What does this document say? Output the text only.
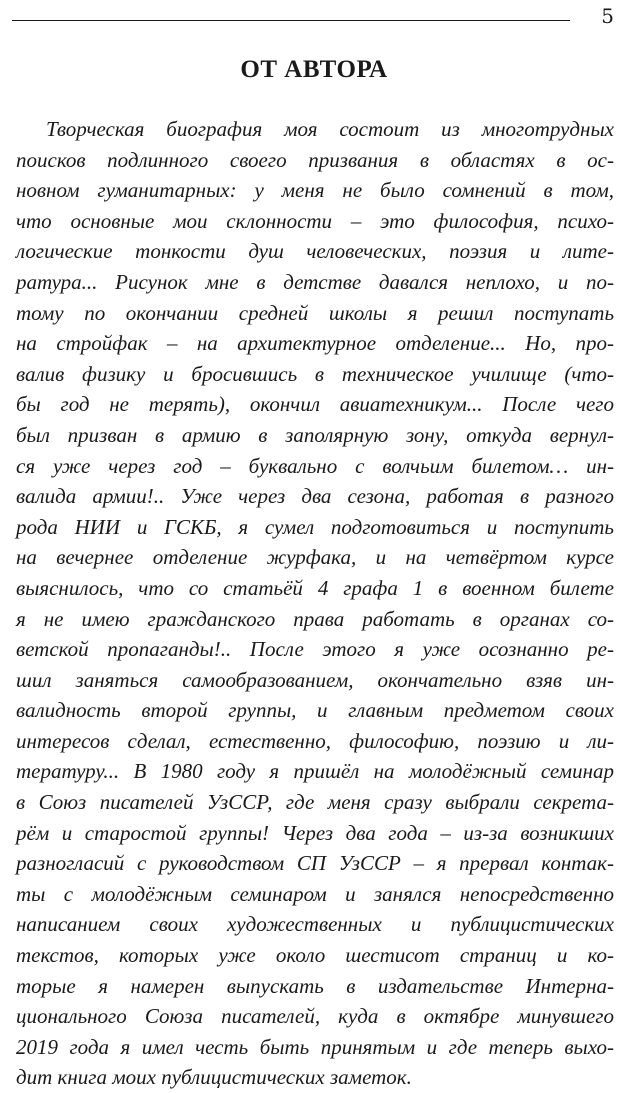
5
ОТ АВТОРА
Творческая биография моя состоит из многотрудных
поисков подлинного своего призвания в областях в ос-
новном гуманитарных: у меня не было сомнений в том,
что основные мои склонности – это философия, психо-
логические тонкости душ человеческих, поэзия и лите-
ратура... Рисунок мне в детстве давался неплохо, и по-
тому по окончании средней школы я решил поступать
на стройфак – на архитектурное отделение... Но, про-
валив физику и бросившись в техническое училище (что-
бы год не терять), окончил авиатехникум... После чего
был призван в армию в заполярную зону, откуда вернул-
ся уже через год – буквально с волчьим билетом… ин-
валида армии!.. Уже через два сезона, работая в разного
рода НИИ и ГСКБ, я сумел подготовиться и поступить
на вечернее отделение журфака, и на четвёртом курсе
выяснилось, что со статьёй 4 графа 1 в военном билете
я не имею гражданского права работать в органах со-
ветской пропаганды!.. После этого я уже осознанно ре-
шил заняться самообразованием, окончательно взяв ин-
валидность второй группы, и главным предметом своих
интересов сделал, естественно, философию, поэзию и ли-
тературу... В 1980 году я пришёл на молодёжный семинар
в Союз писателей УзССР, где меня сразу выбрали секрета-
рём и старостой группы! Через два года – из-за возникших
разногласий с руководством СП УзССР – я прервал контак-
ты с молодёжным семинаром и занялся непосредственно
написанием своих художественных и публицистических
текстов, которых уже около шестисот страниц и ко-
торые я намерен выпускать в издательстве Интерна-
ционального Союза писателей, куда в октябре минувшего
2019 года я имел честь быть принятым и где теперь выхо-
дит книга моих публицистических заметок.
